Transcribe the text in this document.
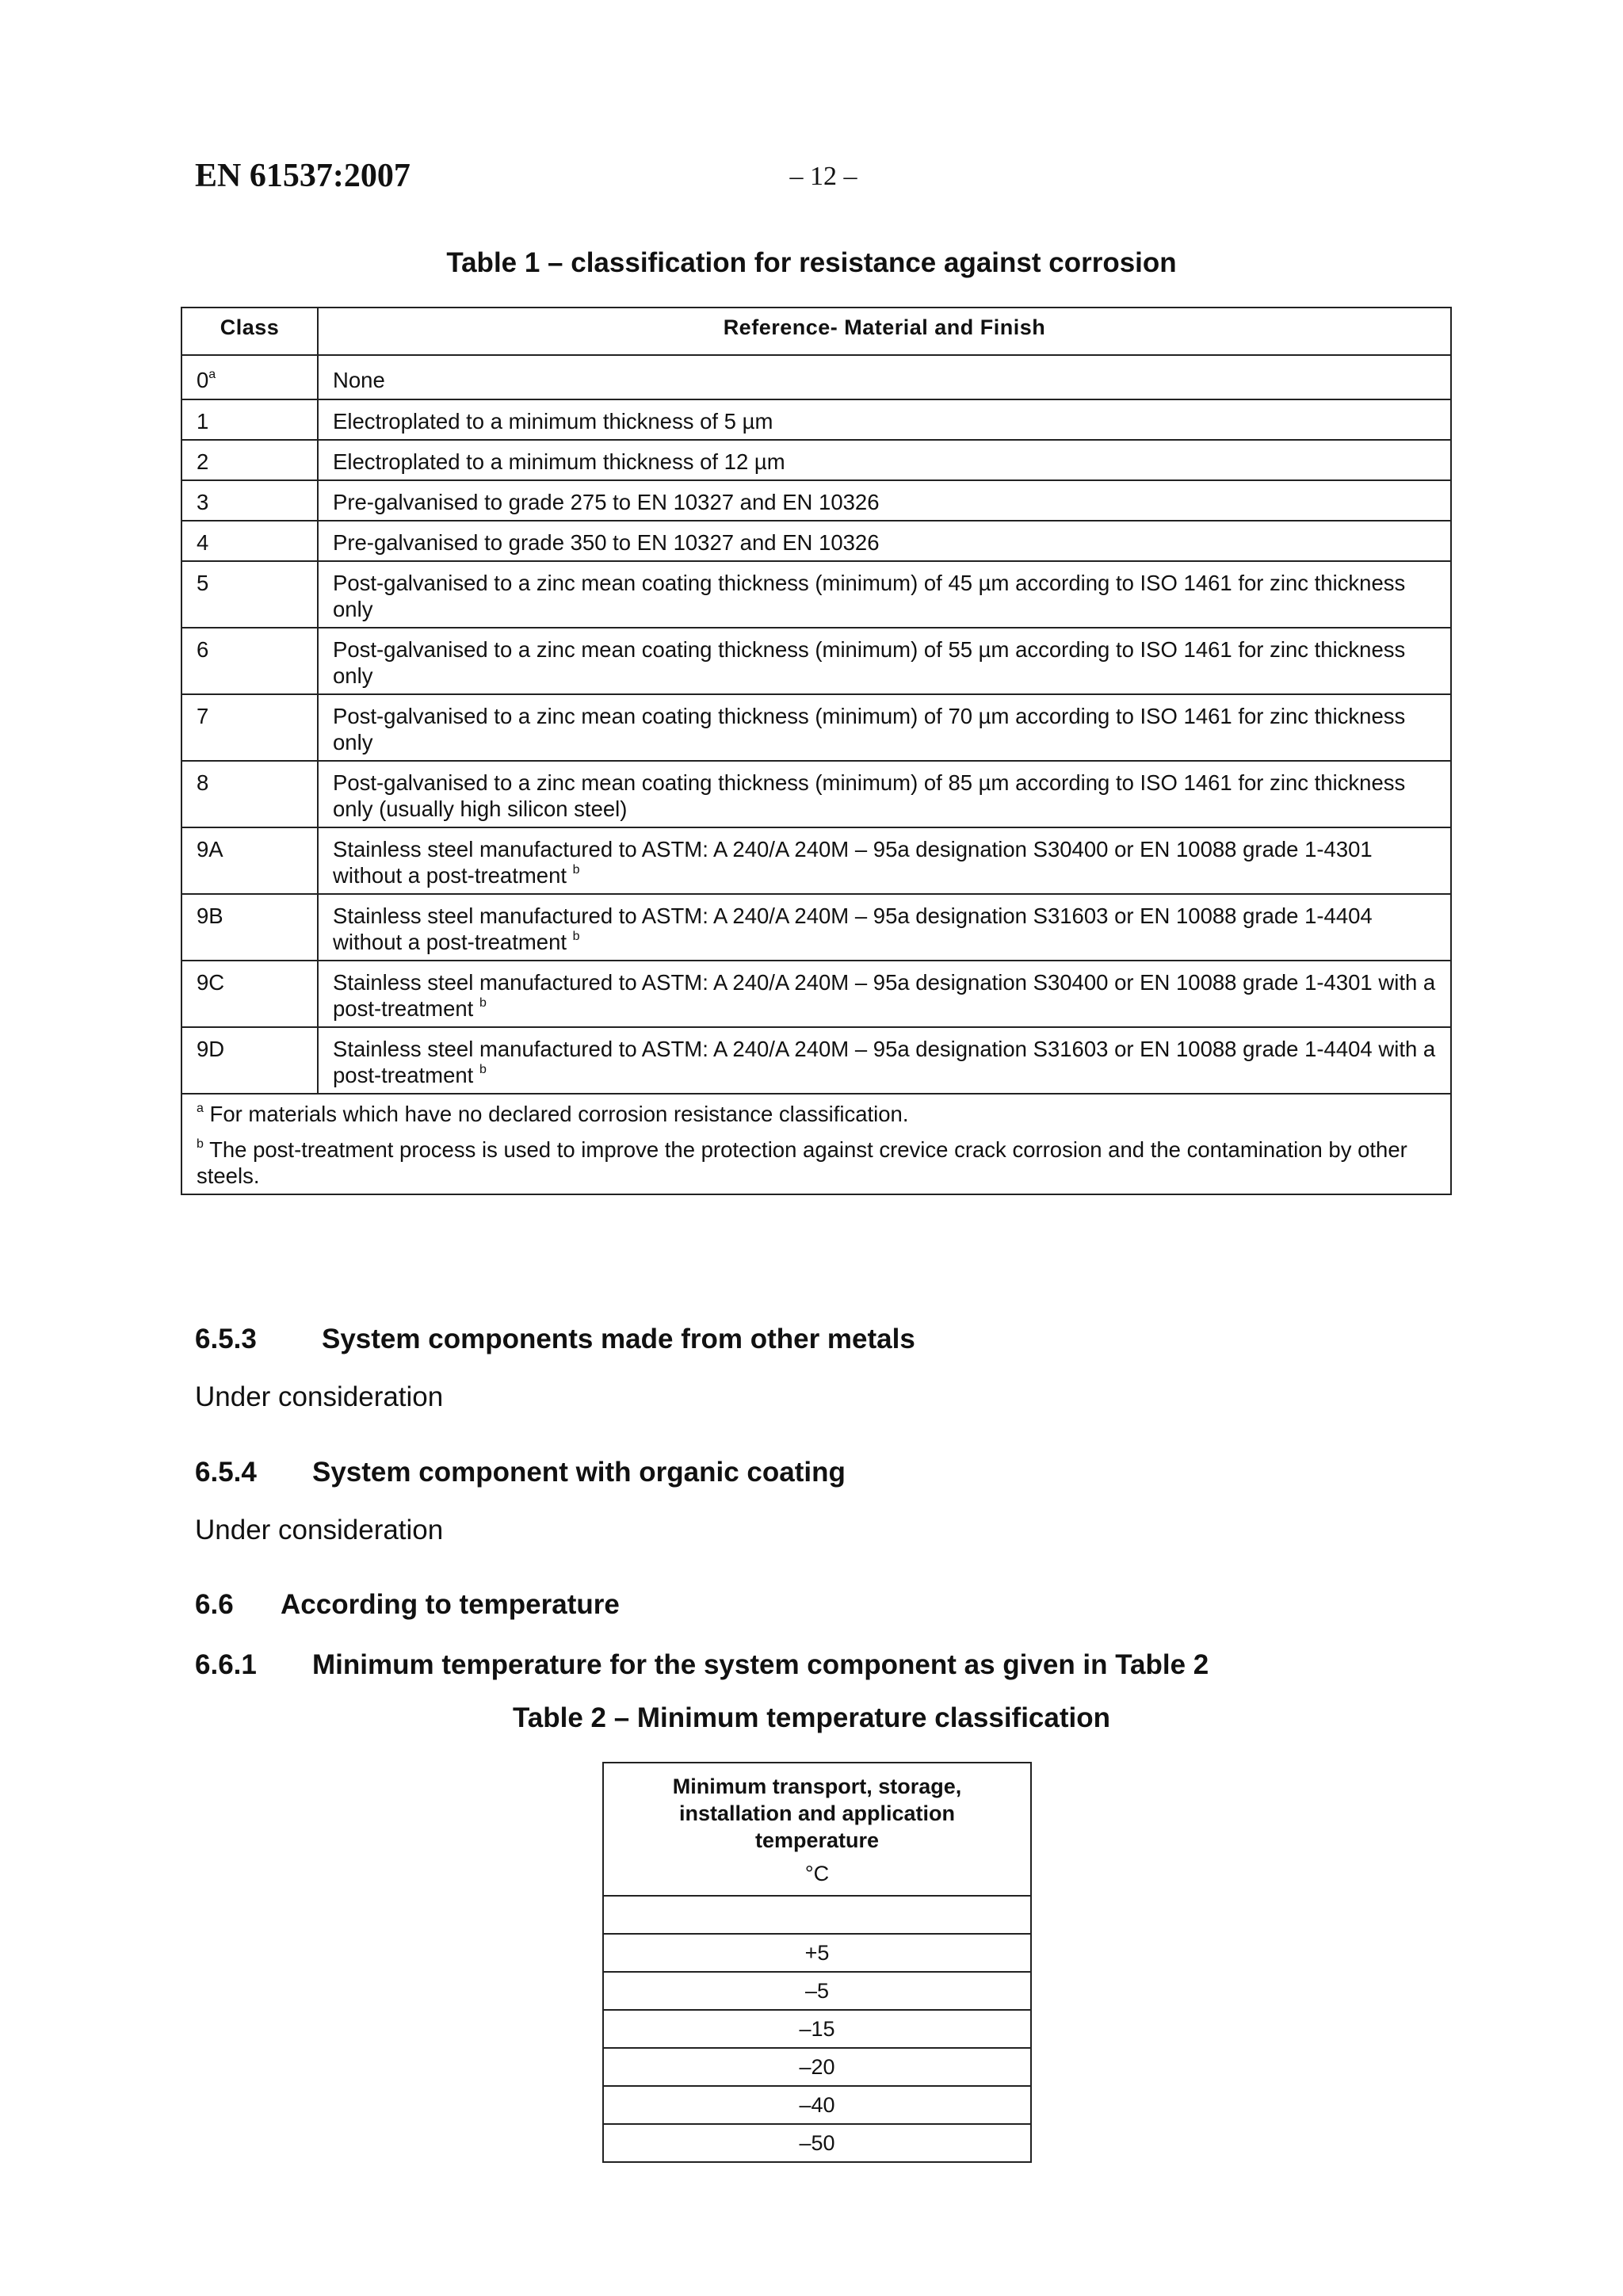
EN 61537:2007	– 12 –
Table 1 – classification for resistance against corrosion
Class	Reference- Material and Finish
0$^a$	None
1	Electroplated to a minimum thickness of 5 µm
2	Electroplated to a minimum thickness of 12 µm
3	Pre-galvanised to grade 275 to EN 10327 and EN 10326
4	Pre-galvanised to grade 350 to EN 10327 and EN 10326
5	Post-galvanised to a zinc mean coating thickness (minimum) of 45 µm according to ISO 1461 for zinc thickness only
6	Post-galvanised to a zinc mean coating thickness (minimum) of 55 µm according to ISO 1461 for zinc thickness only
7	Post-galvanised to a zinc mean coating thickness (minimum) of 70 µm according to ISO 1461 for zinc thickness only
8	Post-galvanised to a zinc mean coating thickness (minimum) of 85 µm according to ISO 1461 for zinc thickness only (usually high silicon steel)
9A	Stainless steel manufactured to ASTM: A 240/A 240M – 95a designation S30400 or EN 10088 grade 1-4301 without a post-treatment $^b$
9B	Stainless steel manufactured to ASTM: A 240/A 240M – 95a designation S31603 or EN 10088 grade 1-4404 without a post-treatment $^b$
9C	Stainless steel manufactured to ASTM: A 240/A 240M – 95a designation S30400 or EN 10088 grade 1-4301 with a post-treatment $^b$
9D	Stainless steel manufactured to ASTM: A 240/A 240M – 95a designation S31603 or EN 10088 grade 1-4404 with a post-treatment $^b$

$^a$ For materials which have no declared corrosion resistance classification.
$^b$ The post-treatment process is used to improve the protection against crevice crack corrosion and the contamination by other steels.	
6.5.3 System components made from other metals
Under consideration
6.5.4 System component with organic coating
Under consideration
6.6 According to temperature
6.6.1 Minimum temperature for the system component as given in Table 2
Table 2 – Minimum temperature classification
Minimum transport, storage, installation and application temperature
°C

+5
–5
–15
–20
–40
–50
